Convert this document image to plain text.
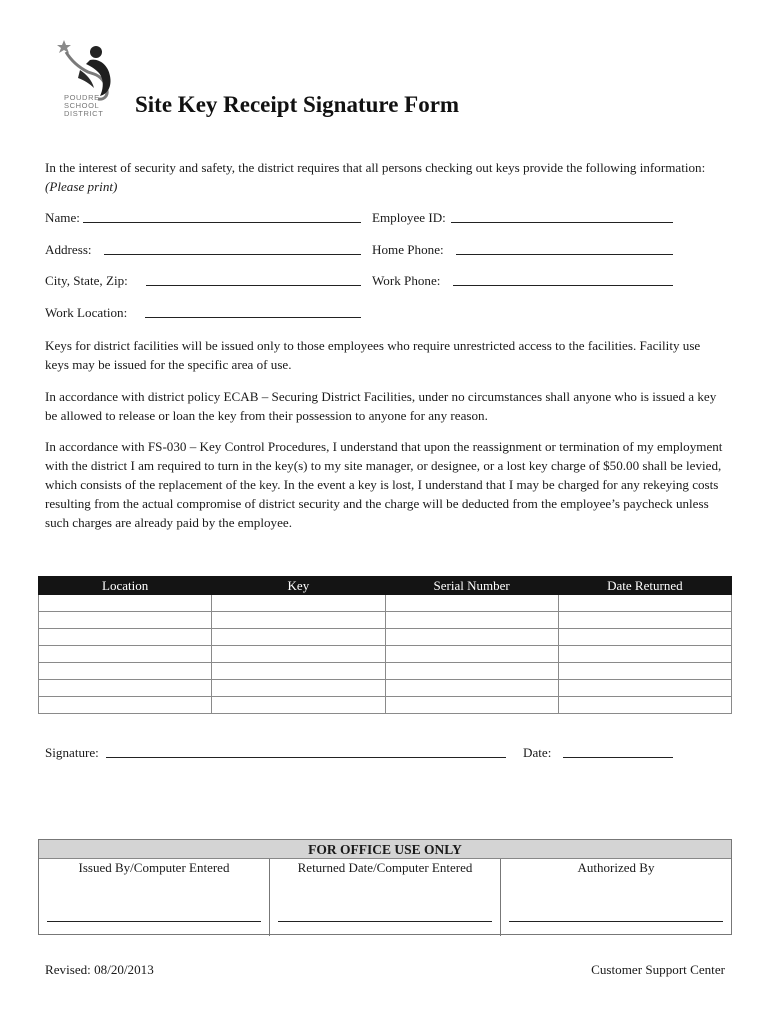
POUDRE
SCHOOL
DISTRICT	Site Key Receipt Signature Form

In the interest of security and safety, the district requires that all persons checking out keys provide the following information: (Please print)

Name:	Employee ID:
Address:	Home Phone:
City, State, Zip:	Work Phone:
Work Location:

Keys for district facilities will be issued only to those employees who require unrestricted access to the facilities. Facility use keys may be issued for the specific area of use.

In accordance with district policy ECAB – Securing District Facilities, under no circumstances shall anyone who is issued a key be allowed to release or loan the key from their possession to anyone for any reason.

In accordance with FS-030 – Key Control Procedures, I understand that upon the reassignment or termination of my employment with the district I am required to turn in the key(s) to my site manager, or designee, or a lost key charge of $50.00 shall be levied, which consists of the replacement of the key. In the event a key is lost, I understand that I may be charged for any rekeying costs resulting from the actual compromise of district security and the charge will be deducted from the employee’s paycheck unless such charges are already paid by the employee.

Location	Key	Serial Number	Date Returned

Signature:	Date:
FOR OFFICE USE ONLY
Issued By/Computer Entered	Returned Date/Computer Entered	Authorized By
Revised: 08/20/2013	Customer Support Center
